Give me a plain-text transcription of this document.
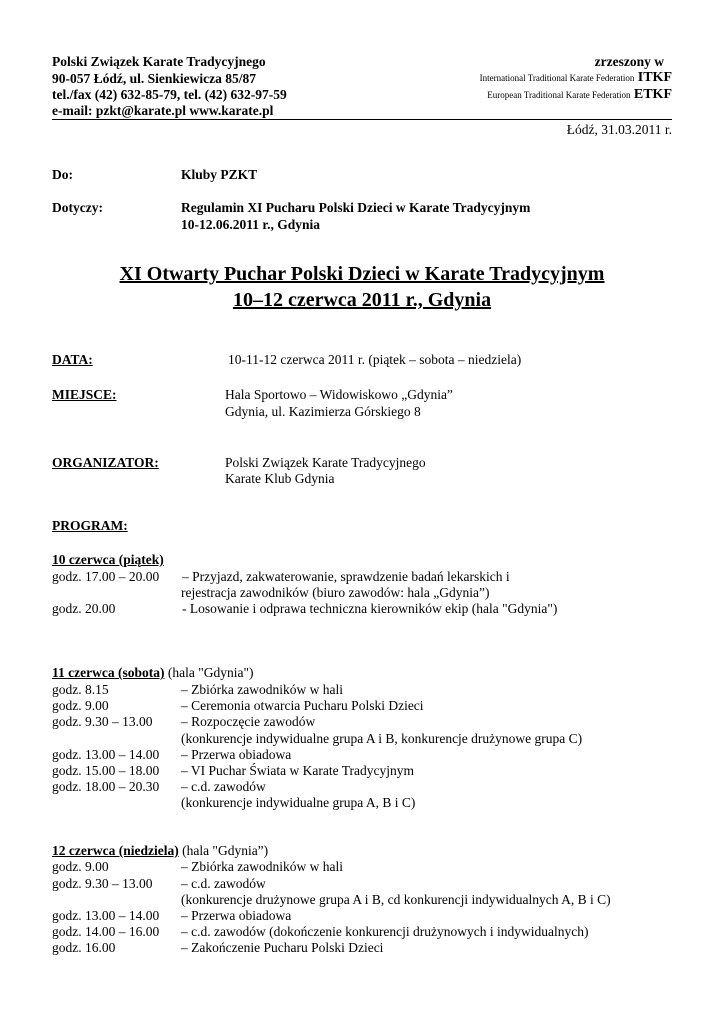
Polski Związek Karate Tradycyjnego
90-057 Łódź, ul. Sienkiewicza 85/87
tel./fax (42) 632-85-79, tel. (42) 632-97-59
e-mail: pzkt@karate.pl www.karate.pl
zrzeszony w
International Traditional Karate Federation ITKF
European Traditional Karate Federation ETKF
Łódź, 31.03.2011 r.
Do:	Kluby PZKT
Dotyczy:	Regulamin XI Pucharu Polski Dzieci w Karate Tradycyjnym
10-12.06.2011 r., Gdynia
XI Otwarty Puchar Polski Dzieci w Karate Tradycyjnym
10–12 czerwca 2011 r., Gdynia
DATA:	10-11-12 czerwca 2011 r. (piątek – sobota – niedziela)
MIEJSCE:	Hala Sportowo – Widowiskowo „Gdynia”
Gdynia, ul. Kazimierza Górskiego 8
ORGANIZATOR:	Polski Związek Karate Tradycyjnego
Karate Klub Gdynia
PROGRAM:
10 czerwca (piątek)
godz. 17.00 – 20.00 – Przyjazd, zakwaterowanie, sprawdzenie badań lekarskich i
rejestracja zawodników (biuro zawodów: hala „Gdynia”)
godz. 20.00	- Losowanie i odprawa techniczna kierowników ekip (hala "Gdynia")
11 czerwca (sobota) (hala "Gdynia")
godz. 8.15	– Zbiórka zawodników w hali
godz. 9.00	– Ceremonia otwarcia Pucharu Polski Dzieci
godz. 9.30 – 13.00 – Rozpoczęcie zawodów
(konkurencje indywidualne grupa A i B, konkurencje drużynowe grupa C)
godz. 13.00 – 14.00 – Przerwa obiadowa
godz. 15.00 – 18.00 – VI Puchar Świata w Karate Tradycyjnym
godz. 18.00 – 20.30 – c.d. zawodów
(konkurencje indywidualne grupa A, B i C)
12 czerwca (niedziela) (hala "Gdynia”)
godz. 9.00	– Zbiórka zawodników w hali
godz. 9.30 – 13.00 – c.d. zawodów
(konkurencje drużynowe grupa A i B, cd konkurencji indywidualnych A, B i C)
godz. 13.00 – 14.00 – Przerwa obiadowa
godz. 14.00 – 16.00 – c.d. zawodów (dokończenie konkurencji drużynowych i indywidualnych)
godz. 16.00	– Zakończenie Pucharu Polski Dzieci
